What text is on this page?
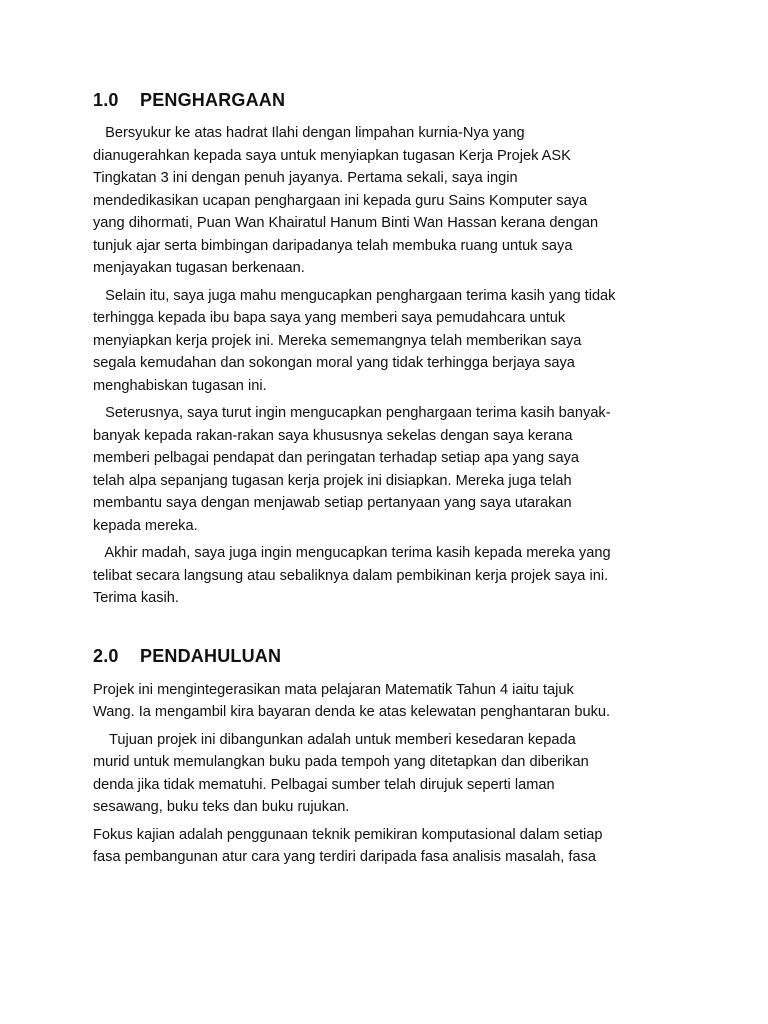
1.0 PENGHARGAAN

Bersyukur ke atas hadrat Ilahi dengan limpahan kurnia-Nya yang
dianugerahkan kepada saya untuk menyiapkan tugasan Kerja Projek ASK
Tingkatan 3 ini dengan penuh jayanya. Pertama sekali, saya ingin
mendedikasikan ucapan penghargaan ini kepada guru Sains Komputer saya
yang dihormati, Puan Wan Khairatul Hanum Binti Wan Hassan kerana dengan
tunjuk ajar serta bimbingan daripadanya telah membuka ruang untuk saya
menjayakan tugasan berkenaan.

Selain itu, saya juga mahu mengucapkan penghargaan terima kasih yang tidak
terhingga kepada ibu bapa saya yang memberi saya pemudahcara untuk
menyiapkan kerja projek ini. Mereka sememangnya telah memberikan saya
segala kemudahan dan sokongan moral yang tidak terhingga berjaya saya
menghabiskan tugasan ini.

Seterusnya, saya turut ingin mengucapkan penghargaan terima kasih banyak-
banyak kepada rakan-rakan saya khususnya sekelas dengan saya kerana
memberi pelbagai pendapat dan peringatan terhadap setiap apa yang saya
telah alpa sepanjang tugasan kerja projek ini disiapkan. Mereka juga telah
membantu saya dengan menjawab setiap pertanyaan yang saya utarakan
kepada mereka.

Akhir madah, saya juga ingin mengucapkan terima kasih kepada mereka yang
telibat secara langsung atau sebaliknya dalam pembikinan kerja projek saya ini.
Terima kasih.

2.0 PENDAHULUAN

Projek ini mengintegerasikan mata pelajaran Matematik Tahun 4 iaitu tajuk
Wang. Ia mengambil kira bayaran denda ke atas kelewatan penghantaran buku.

Tujuan projek ini dibangunkan adalah untuk memberi kesedaran kepada
murid untuk memulangkan buku pada tempoh yang ditetapkan dan diberikan
denda jika tidak mematuhi. Pelbagai sumber telah dirujuk seperti laman
sesawang, buku teks dan buku rujukan.

Fokus kajian adalah penggunaan teknik pemikiran komputasional dalam setiap
fasa pembangunan atur cara yang terdiri daripada fasa analisis masalah, fasa
